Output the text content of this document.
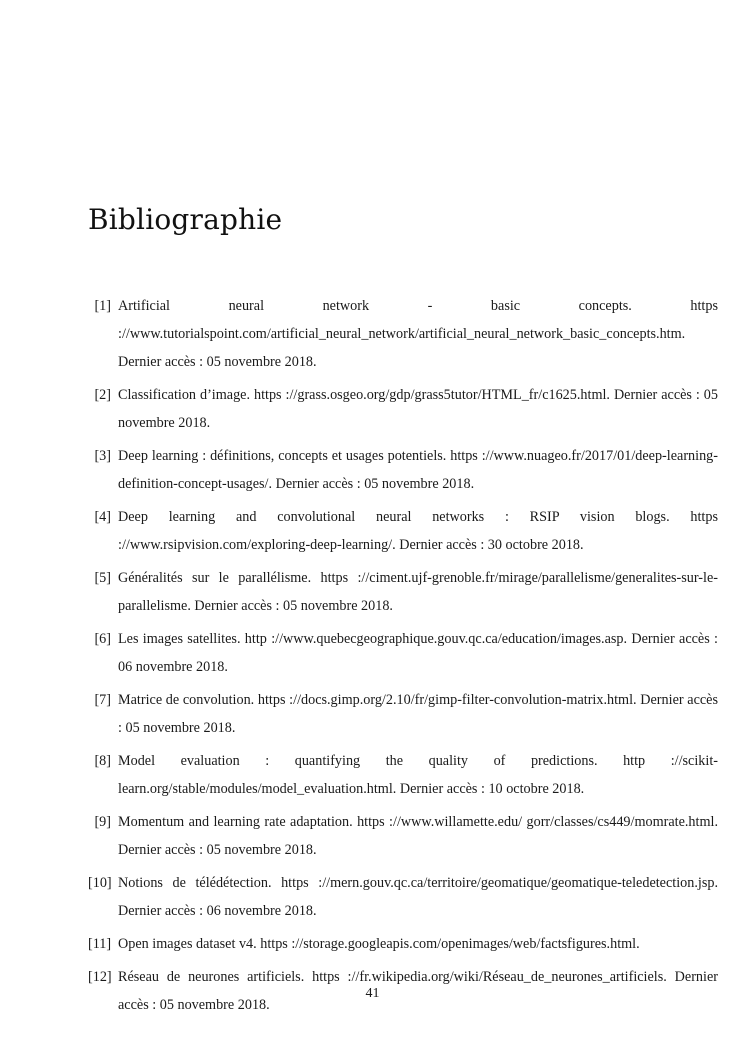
Bibliographie
[1] Artificial neural network - basic concepts. https ://www.tutorialspoint.com/artificial_neural_network/artificial_neural_network_basic_concepts.htm. Dernier accès : 05 novembre 2018.
[2] Classification d’image. https ://grass.osgeo.org/gdp/grass5tutor/HTML_fr/c1625.html. Dernier accès : 05 novembre 2018.
[3] Deep learning : définitions, concepts et usages potentiels. https ://www.nuageo.fr/2017/01/deep-learning-definition-concept-usages/. Dernier accès : 05 novembre 2018.
[4] Deep learning and convolutional neural networks : RSIP vision blogs. https ://www.rsipvision.com/exploring-deep-learning/. Dernier accès : 30 octobre 2018.
[5] Généralités sur le parallélisme. https ://ciment.ujf-grenoble.fr/mirage/parallelisme/generalites-sur-le-parallelisme. Dernier accès : 05 novembre 2018.
[6] Les images satellites. http ://www.quebecgeographique.gouv.qc.ca/education/images.asp. Dernier accès : 06 novembre 2018.
[7] Matrice de convolution. https ://docs.gimp.org/2.10/fr/gimp-filter-convolution-matrix.html. Dernier accès : 05 novembre 2018.
[8] Model evaluation : quantifying the quality of predictions. http ://scikit-learn.org/stable/modules/model_evaluation.html. Dernier accès : 10 octobre 2018.
[9] Momentum and learning rate adaptation. https ://www.willamette.edu/ gorr/classes/cs449/momrate.html. Dernier accès : 05 novembre 2018.
[10] Notions de télédétection. https ://mern.gouv.qc.ca/territoire/geomatique/geomatique-teledetection.jsp. Dernier accès : 06 novembre 2018.
[11] Open images dataset v4. https ://storage.googleapis.com/openimages/web/factsfigures.html.
[12] Réseau de neurones artificiels. https ://fr.wikipedia.org/wiki/Réseau_de_neurones_artificiels. Dernier accès : 05 novembre 2018.
41
